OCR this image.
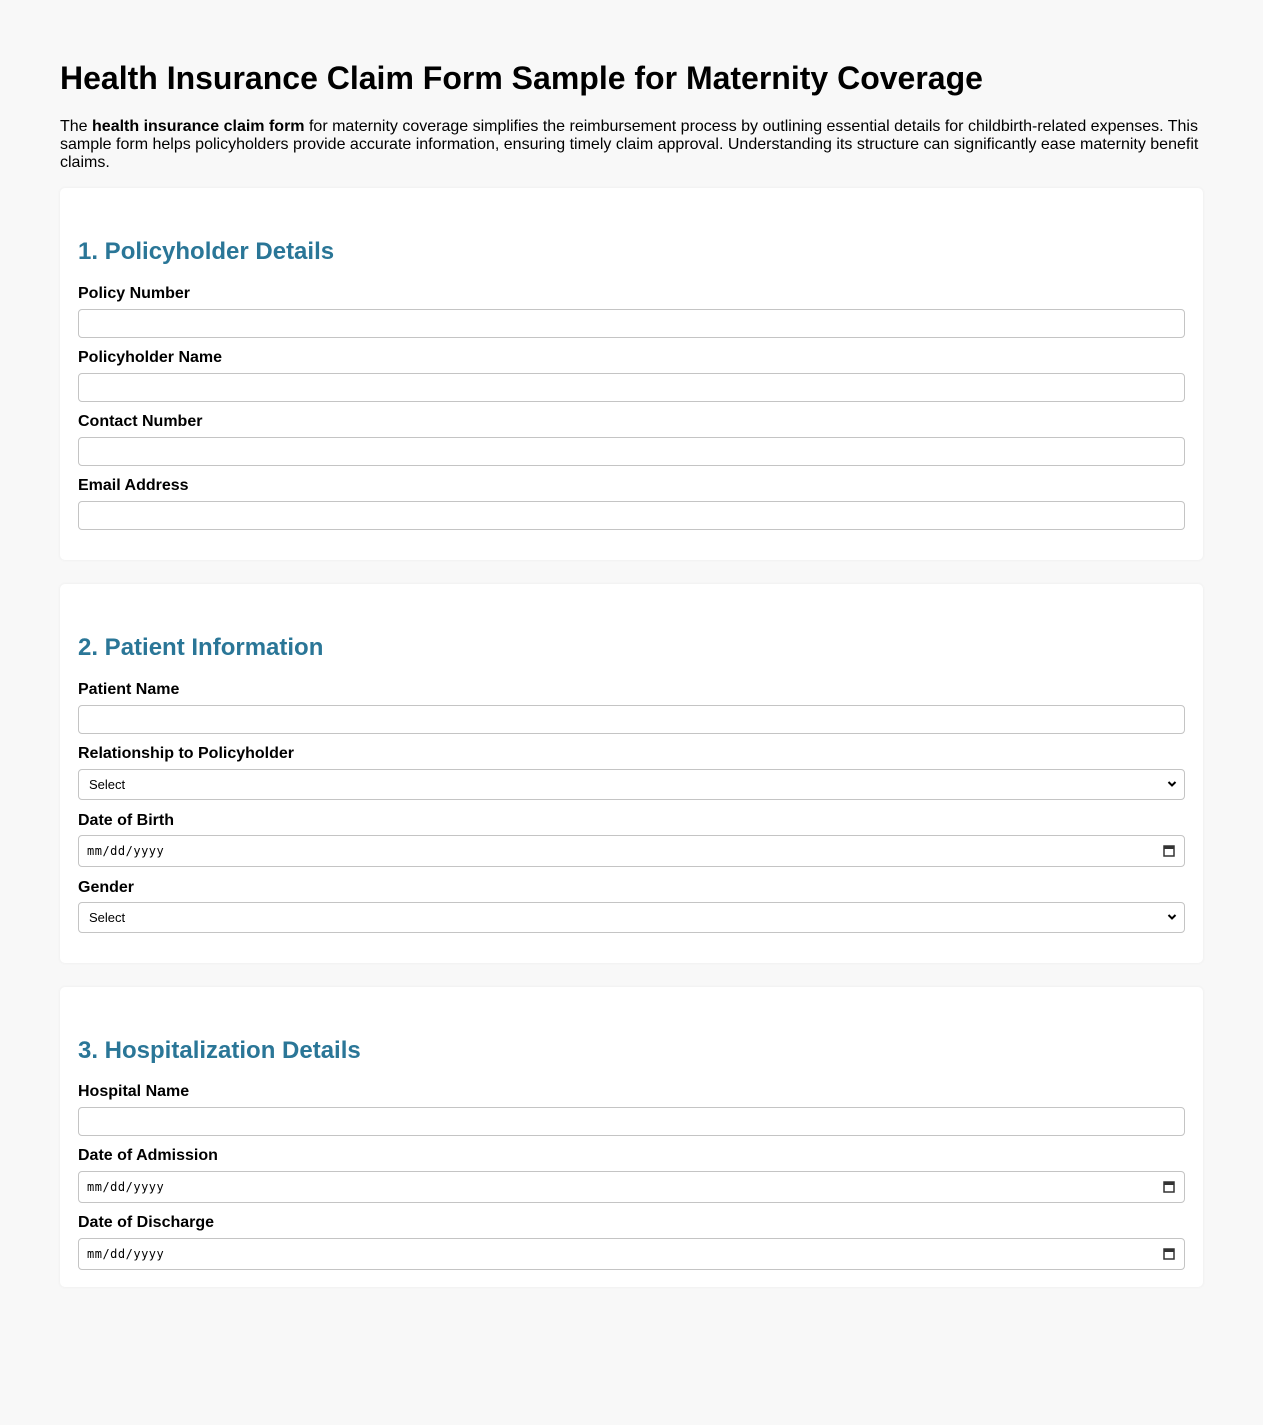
Health Insurance Claim Form Sample for Maternity Coverage

The health insurance claim form for maternity coverage simplifies the reimbursement process by outlining essential details for childbirth-related expenses. This sample form helps policyholders provide accurate information, ensuring timely claim approval. Understanding its structure can significantly ease maternity benefit claims.

1. Policyholder Details
Policy Number
Policyholder Name
Contact Number
Email Address
2. Patient Information
Patient Name
Relationship to Policyholder
Select
Date of Birth
mm/dd/yyyy
Gender
Select
3. Hospitalization Details
Hospital Name
Date of Admission
mm/dd/yyyy
Date of Discharge
mm/dd/yyyy
